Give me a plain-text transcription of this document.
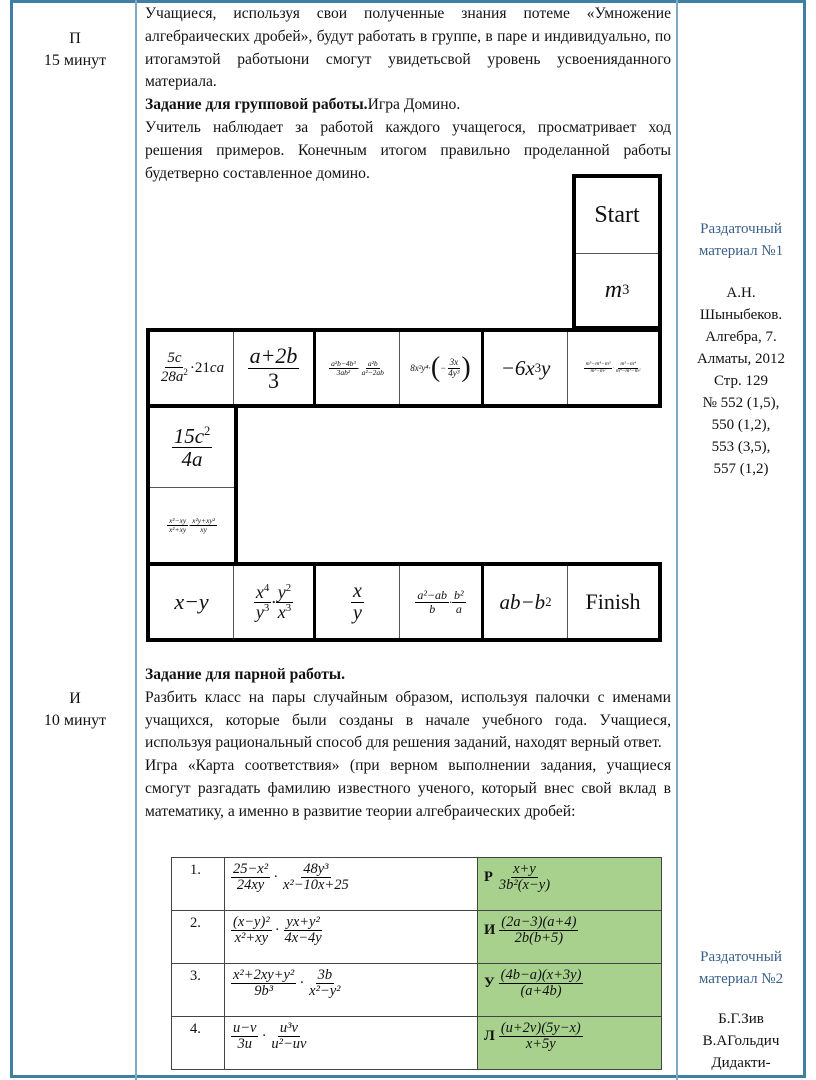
П
15 минут
И
10 минут

Учащиеся, используя свои полученные знания потеме «Умножение алгебраических дробей», будут работать в группе, в паре и индивидуально, по итогамэтой работыони смогут увидетьсвой уровень усвоенияданного материала.

Задание для групповой работы.Игра Домино.

Учитель наблюдает за работой каждого учащегося, просматривает ход решения примеров. Конечным итогом правильно проделанной работы будетверно составленное домино.

Start
m 3
$\frac{5c}{28a^2} \cdot 21$ ca	$\frac{a+2b}{3}$	$\frac{\text{a²b−4b³}}{\text{3ab²}} \cdot \frac{\text{a²b}}{\text{a²−2ab}}$	8x²y⁴· ( − $\frac{3x}{\text{4y³}}$ )	−6x 3 y	$\frac{\text{m⁵−m⁴−m³}}{\text{m³−m²}} \cdot \frac{\text{m⁵−m⁴}}{\text{m⁴−m³−m²}}$
$\frac{15c^2}{4a}$
$\frac{\text{x²−xy}}{\text{x²+xy}} \cdot \frac{\text{x²y+xy²}}{xy}$
x−y	$\frac{x^4}{y^3} \cdot \frac{y^2}{x^3}$	$\frac{x}{y}$	$\frac{\text{a²−ab}}{b} \cdot \frac{\text{b²}}{a}$	ab−b 2	Finish

Задание для парной работы.

Разбить класс на пары случайным образом, используя палочки с именами учащихся, которые были созданы в начале учебного года. Учащиеся, используя рациональный способ для решения заданий, находят верный ответ.

Игра «Карта соответствия» (при верном выполнении задания, учащиеся смогут разгадать фамилию известного ученого, который внес свой вклад в математику, а именно в развитие теории алгебраических дробей:

1.	$\frac{\text{25−x²}}{24xy} \cdot \frac{\text{48y³}}{\text{x²−10x+25}}$	Р $\frac{x+y}{\text{3b²(x−y)}}$

2.	$\frac{\text{(x−y)²}}{\text{x²+xy}} \cdot \frac{\text{yx+y²}}{4x-4y}$	И $\frac{(2a-3)(a+4)}{2b(b+5)}$

3.	$\frac{\text{x²+2xy+y²}}{\text{9b³}} \cdot \frac{3b}{\text{x²−y²}}$	У $\frac{(4b-a)(x+3y)}{(a+4b)}$

4.	$\frac{u-v}{3u} \cdot \frac{\text{u³v}}{\text{u²−uv}}$	Л $\frac{(u+2v)(5y-x)}{x+5y}$
Раздаточный
материал №1
А.Н.
Шыныбеков.
Алгебра, 7.
Алматы, 2012
Стр. 129
№ 552 (1,5),
550 (1,2),
553 (3,5),
557 (1,2)
Раздаточный
материал №2
Б.Г.Зив
В.АГольдич
Дидакти-
